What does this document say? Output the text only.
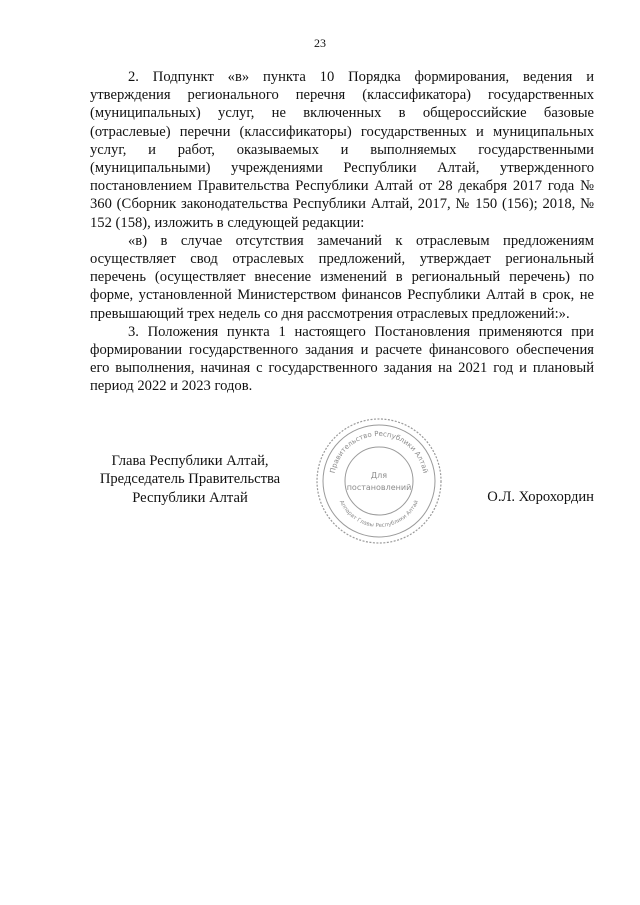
23

2. Подпункт «в» пункта 10 Порядка формирования, ведения и утверждения регионального перечня (классификатора) государственных (муниципальных) услуг, не включенных в общероссийские базовые (отраслевые) перечни (классификаторы) государственных и муниципальных услуг, и работ, оказываемых и выполняемых государственными (муниципальными) учреждениями Республики Алтай, утвержденного постановлением Правительства Республики Алтай от 28 декабря 2017 года № 360 (Сборник законодательства Республики Алтай, 2017, № 150 (156); 2018, № 152 (158), изложить в следующей редакции:

«в) в случае отсутствия замечаний к отраслевым предложениям осуществляет свод отраслевых предложений, утверждает региональный перечень (осуществляет внесение изменений в региональный перечень) по форме, установленной Министерством финансов Республики Алтай в срок, не превышающий трех недель со дня рассмотрения отраслевых предложений:».

3. Положения пункта 1 настоящего Постановления применяются при формировании государственного задания и расчете финансового обеспечения его выполнения, начиная с государственного задания на 2021 год и плановый период 2022 и 2023 годов.

Глава Республики Алтай,
Председатель Правительства
Республики Алтай
Правительство Республики Алтай
Аппарат Главы Республики Алтай
Для
постановлений
О.Л. Хорохордин
